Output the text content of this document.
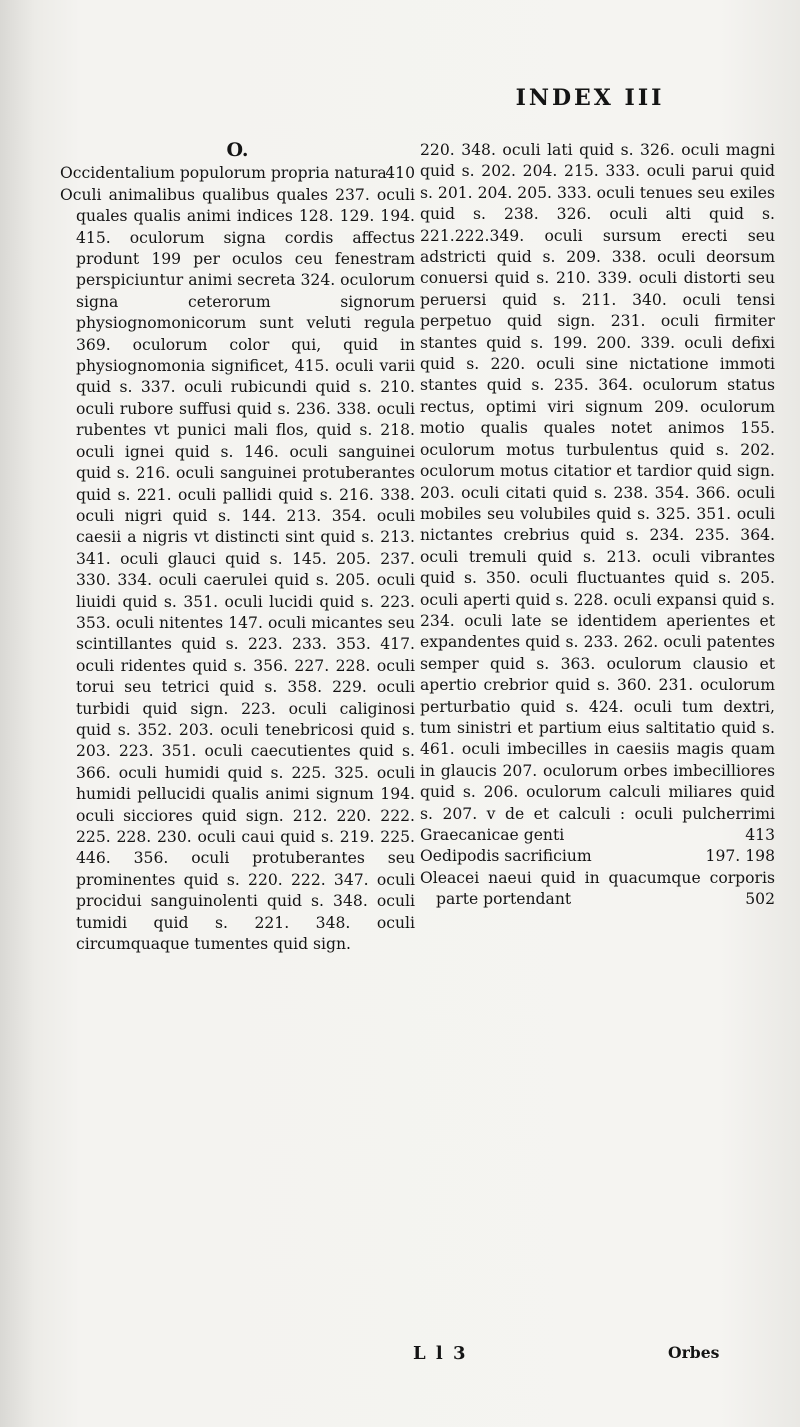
INDEX III
O.

Occidentalium populorum propria natura
410

Oculi animalibus qualibus quales 237. oculi quales qualis animi indices 128. 129. 194. 415. oculorum signa cordis affectus produnt 199 per oculos ceu fenestram perspiciuntur animi secreta 324. oculorum signa ceterorum signorum physiognomonicorum sunt veluti regula 369. oculorum color qui, quid in physiognomonia significet, 415. oculi varii quid s. 337. oculi rubicundi quid s. 210. oculi rubore suffusi quid s. 236. 338. oculi rubentes vt punici mali flos, quid s. 218. oculi ignei quid s. 146. oculi sanguinei quid s. 216. oculi sanguinei protuberantes quid s. 221. oculi pallidi quid s. 216. 338. oculi nigri quid s. 144. 213. 354. oculi caesii a nigris vt distincti sint quid s. 213. 341. oculi glauci quid s. 145. 205. 237. 330. 334. oculi caerulei quid s. 205. oculi liuidi quid s. 351. oculi lucidi quid s. 223. 353. oculi nitentes 147. oculi micantes seu scintillantes quid s. 223. 233. 353. 417. oculi ridentes quid s. 356. 227. 228. oculi torui seu tetrici quid s. 358. 229. oculi turbidi quid sign. 223. oculi caliginosi quid s. 352. 203. oculi tenebricosi quid s. 203. 223. 351. oculi caecutientes quid s. 366. oculi humidi quid s. 225. 325. oculi humidi pellucidi qualis animi signum 194. oculi sicciores quid sign. 212. 220. 222. 225. 228. 230. oculi caui quid s. 219. 225. 446. 356. oculi protuberantes seu prominentes quid s. 220. 222. 347. oculi procidui sanguinolenti quid s. 348. oculi tumidi quid s. 221. 348. oculi circumquaque tumentes quid sign.

220. 348. oculi lati quid s. 326. oculi magni quid s. 202. 204. 215. 333. oculi parui quid s. 201. 204. 205. 333. oculi tenues seu exiles quid s. 238. 326. oculi alti quid s. 221.222.349. oculi sursum erecti seu adstricti quid s. 209. 338. oculi deorsum conuersi quid s. 210. 339. oculi distorti seu peruersi quid s. 211. 340. oculi tensi perpetuo quid sign. 231. oculi firmiter stantes quid s. 199. 200. 339. oculi defixi quid s. 220. oculi sine nictatione immoti stantes quid s. 235. 364. oculorum status rectus, optimi viri signum 209. oculorum motio qualis quales notet animos 155. oculorum motus turbulentus quid s. 202. oculorum motus citatior et tardior quid sign. 203. oculi citati quid s. 238. 354. 366. oculi mobiles seu volubiles quid s. 325. 351. oculi nictantes crebrius quid s. 234. 235. 364. oculi tremuli quid s. 213. oculi vibrantes quid s. 350. oculi fluctuantes quid s. 205. oculi aperti quid s. 228. oculi expansi quid s. 234. oculi late se identidem aperientes et expandentes quid s. 233. 262. oculi patentes semper quid s. 363. oculorum clausio et apertio crebrior quid s. 360. 231. oculorum perturbatio quid s. 424. oculi tum dextri, tum sinistri et partium eius saltitatio quid s. 461. oculi imbecilles in caesiis magis quam in glaucis 207. oculorum orbes imbecilliores quid s. 206. oculorum calculi miliares quid s. 207. v de et calculi : oculi pulcherrimi Graecanicae genti	413

Oedipodis sacrificium	197. 198

Oleacei naeui quid in quacumque corporis parte portendant	502

L l 3	Orbes
